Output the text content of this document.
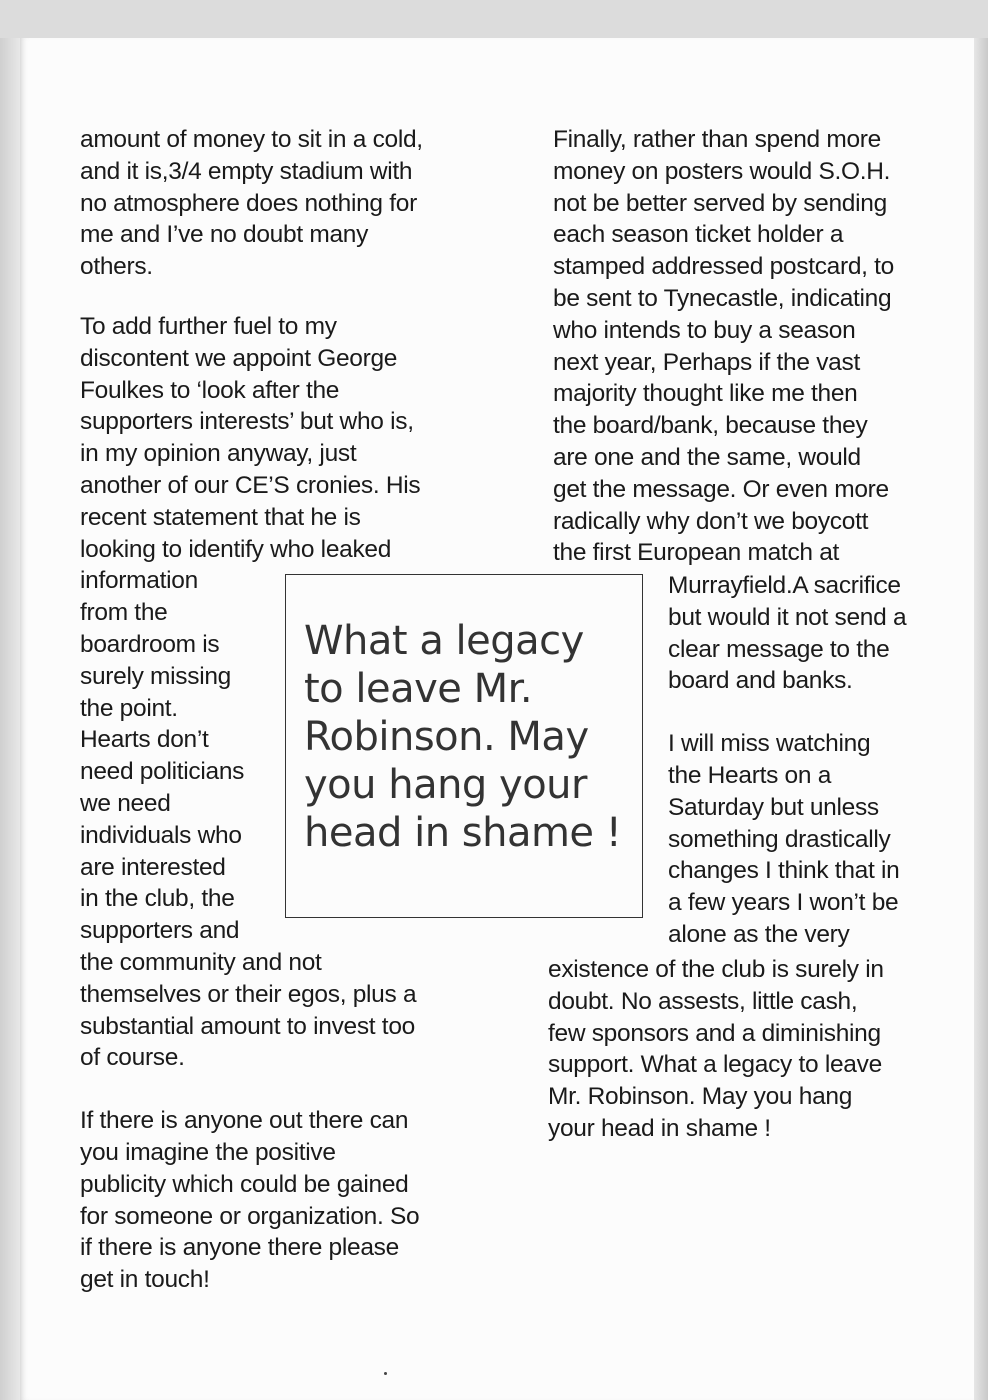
amount of money to sit in a cold,

and it is,3/4 empty stadium with

no atmosphere does nothing for

me and I’ve no doubt many

others.

To add further fuel to my

discontent we appoint George

Foulkes to ‘look after the

supporters interests’ but who is,

in my opinion anyway, just

another of our CE’S cronies. His

recent statement that he is

looking to identify who leaked

information

from the

boardroom is

surely missing

the point.

Hearts don’t

need politicians

we need

individuals who

are interested

in the club, the

supporters and

the community and not

themselves or their egos, plus a

substantial amount to invest too

of course.

If there is anyone out there can

you imagine the positive

publicity which could be gained

for someone or organization. So

if there is anyone there please

get in touch!

Finally, rather than spend more

money on posters would S.O.H.

not be better served by sending

each season ticket holder a

stamped addressed postcard, to

be sent to Tynecastle, indicating

who intends to buy a season

next year, Perhaps if the vast

majority thought like me then

the board/bank, because they

are one and the same, would

get the message. Or even more

radically why don’t we boycott

the first European match at

Murrayfield.A sacrifice

but would it not send a

clear message to the

board and banks.

I will miss watching

the Hearts on a

Saturday but unless

something drastically

changes I think that in

a few years I won’t be

alone as the very

existence of the club is surely in

doubt. No assests, little cash,

few sponsors and a diminishing

support. What a legacy to leave

Mr. Robinson. May you hang

your head in shame !

What a legacy
to leave Mr.
Robinson. May
you hang your
head in shame !
